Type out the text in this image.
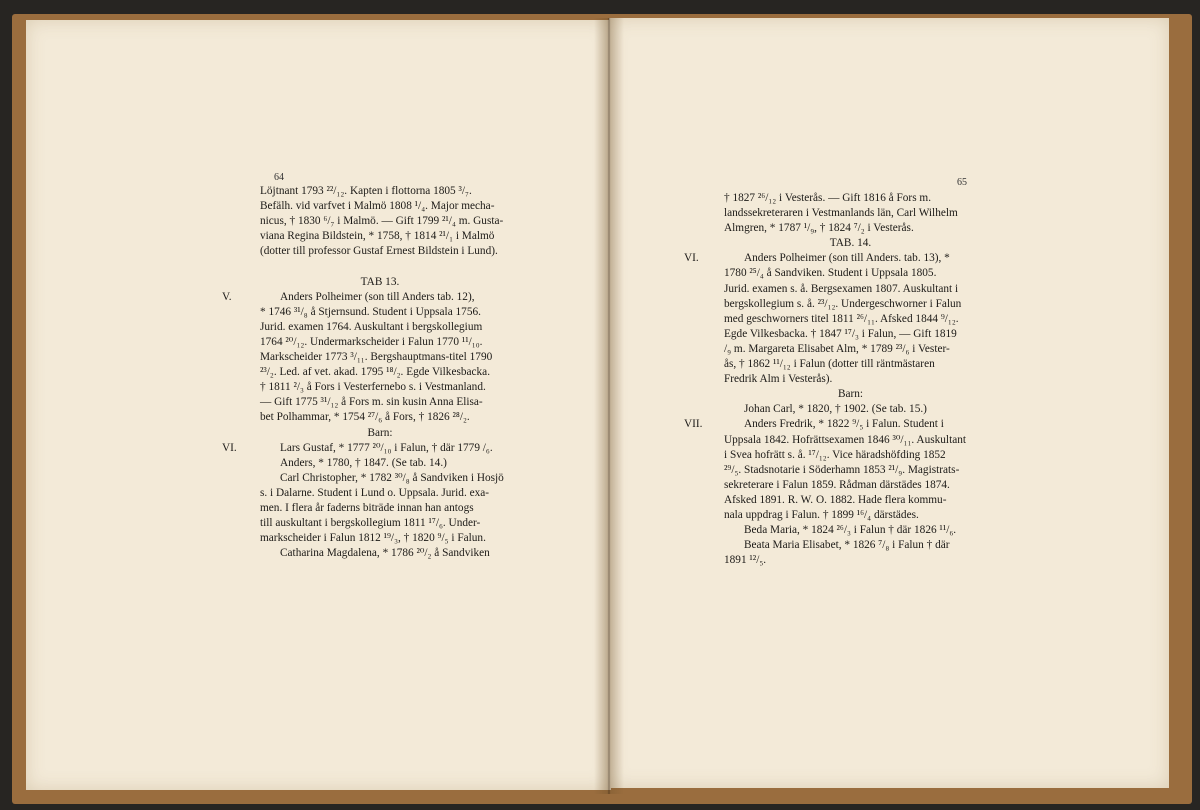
64
Löjtnant 1793 ²²/₁₂. Kapten i flottorna 1805 ³/₇.
Befälh. vid varfvet i Malmö 1808 ¹/₄. Major mecha-
nicus, † 1830 ⁶/₇ i Malmö. — Gift 1799 ²¹/₄ m. Gusta-
viana Regina Bildstein, * 1758, † 1814 ²¹/₁ i Malmö
(dotter till professor Gustaf Ernest Bildstein i Lund).
TAB 13.
V.	Anders Polheimer (son till Anders tab. 12),
* 1746 ³¹/₈ å Stjernsund. Student i Uppsala 1756.
Jurid. examen 1764. Auskultant i bergskollegium
1764 ²⁰/₁₂. Undermarkscheider i Falun 1770 ¹¹/₁₀.
Markscheider 1773 ³/₁₁. Bergshauptmans-titel 1790
²³/₂. Led. af vet. akad. 1795 ¹⁸/₂. Egde Vilkesbacka.
† 1811 ²/₃ å Fors i Vesterfernebo s. i Vestmanland.
— Gift 1775 ³¹/₁₂ å Fors m. sin kusin Anna Elisa-
bet Polhammar, * 1754 ²⁷/₆ å Fors, † 1826 ²⁸/₂.
Barn:
VI.	Lars Gustaf, * 1777 ²⁰/₁₀ i Falun, † där 1779 /₆.
Anders, * 1780, † 1847. (Se tab. 14.)
Carl Christopher, * 1782 ³⁰/₈ å Sandviken i Hosjö
s. i Dalarne. Student i Lund o. Uppsala. Jurid. exa-
men. I flera år faderns biträde innan han antogs
till auskultant i bergskollegium 1811 ¹⁷/₆. Under-
markscheider i Falun 1812 ¹⁹/₃, † 1820 ⁹/₅ i Falun.
Catharina Magdalena, * 1786 ²⁰/₂ å Sandviken
65
† 1827 ²⁶/₁₂ i Vesterås. — Gift 1816 å Fors m.
landssekreteraren i Vestmanlands län, Carl Wilhelm
Almgren, * 1787 ¹/₉, † 1824 ⁷/₂ i Vesterås.
TAB. 14.
VI.	Anders Polheimer (son till Anders. tab. 13), *
1780 ²⁵/₄ å Sandviken. Student i Uppsala 1805.
Jurid. examen s. å. Bergsexamen 1807. Auskultant i
bergskollegium s. å. ²³/₁₂. Undergeschworner i Falun
med geschworners titel 1811 ²⁶/₁₁. Afsked 1844 ⁹/₁₂.
Egde Vilkesbacka. † 1847 ¹⁷/₃ i Falun, — Gift 1819
/₉ m. Margareta Elisabet Alm, * 1789 ²³/₆ i Vester-
ås, † 1862 ¹¹/₁₂ i Falun (dotter till räntmästaren
Fredrik Alm i Vesterås).
Barn:
Johan Carl, * 1820, † 1902. (Se tab. 15.)
VII.	Anders Fredrik, * 1822 ⁹/₅ i Falun. Student i
Uppsala 1842. Hofrättsexamen 1846 ³⁰/₁₁. Auskultant
i Svea hofrätt s. å. ¹⁷/₁₂. Vice häradshöfding 1852
²⁹/₅. Stadsnotarie i Söderhamn 1853 ²¹/₉. Magistrats-
sekreterare i Falun 1859. Rådman därstädes 1874.
Afsked 1891. R. W. O. 1882. Hade flera kommu-
nala uppdrag i Falun. † 1899 ¹⁶/₄ därstädes.
Beda Maria, * 1824 ²⁶/₃ i Falun † där 1826 ¹¹/₆.
Beata Maria Elisabet, * 1826 ⁷/₈ i Falun † där
1891 ¹²/₅.
